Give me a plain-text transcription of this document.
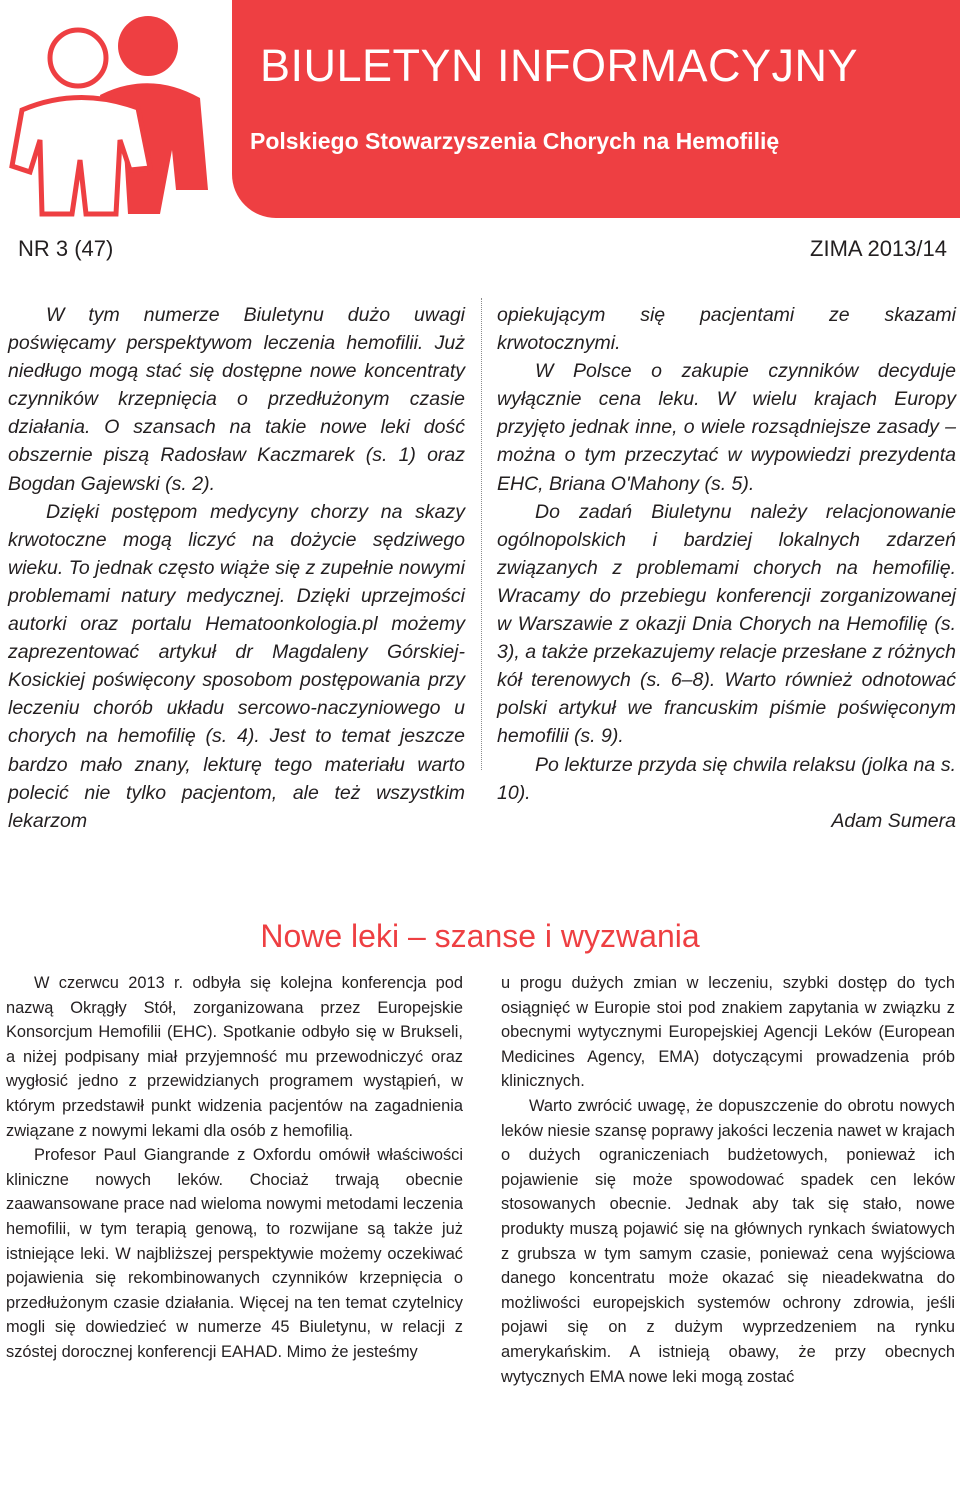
BIULETYN INFORMACYJNY
Polskiego Stowarzyszenia Chorych na Hemofilię
NR 3 (47)	ZIMA 2013/14

W tym numerze Biuletynu dużo uwagi poświęcamy perspektywom leczenia hemofilii. Już niedługo mogą stać się dostępne nowe koncentraty czynników krzepnięcia o przedłużonym czasie działania. O szansach na takie nowe leki dość obszernie piszą Radosław Kaczmarek (s. 1) oraz Bogdan Gajewski (s. 2).

Dzięki postępom medycyny chorzy na skazy krwotoczne mogą liczyć na dożycie sędziwego wieku. To jednak często wiąże się z zupełnie nowymi problemami natury medycznej. Dzięki uprzejmości autorki oraz portalu Hematoonkologia.pl możemy zaprezentować artykuł dr Magdaleny Górskiej-Kosickiej poświęcony sposobom postępowania przy leczeniu chorób układu sercowo-naczyniowego u chorych na hemofilię (s. 4). Jest to temat jeszcze bardzo mało znany, lekturę tego materiału warto polecić nie tylko pacjentom, ale też wszystkim lekarzom

opiekującym się pacjentami ze skazami krwotocznymi.

W Polsce o zakupie czynników decyduje wyłącznie cena leku. W wielu krajach Europy przyjęto jednak inne, o wiele rozsądniejsze zasady – można o tym przeczytać w wypowiedzi prezydenta EHC, Briana O'Mahony (s. 5).

Do zadań Biuletynu należy relacjonowanie ogólnopolskich i bardziej lokalnych zdarzeń związanych z problemami chorych na hemofilię. Wracamy do przebiegu konferencji zorganizowanej w Warszawie z okazji Dnia Chorych na Hemofilię (s. 3), a także przekazujemy relacje przesłane z różnych kół terenowych (s. 6–8). Warto również odnotować polski artykuł we francuskim piśmie poświęconym hemofilii (s. 9).

Po lekturze przyda się chwila relaksu (jolka na s. 10).

Adam Sumera
Nowe leki – szanse i wyzwania

W czerwcu 2013 r. odbyła się kolejna konferencja pod nazwą Okrągły Stół, zorganizowana przez Europejskie Konsorcjum Hemofilii (EHC). Spotkanie odbyło się w Brukseli, a niżej podpisany miał przyjemność mu przewodniczyć oraz wygłosić jedno z przewidzianych programem wystąpień, w którym przedstawił punkt widzenia pacjentów na zagadnienia związane z nowymi lekami dla osób z hemofilią.

Profesor Paul Giangrande z Oxfordu omówił właściwości kliniczne nowych leków. Chociaż trwają obecnie zaawansowane prace nad wieloma nowymi metodami leczenia hemofilii, w tym terapią genową, to rozwijane są także już istniejące leki. W najbliższej perspektywie możemy oczekiwać pojawienia się rekombinowanych czynników krzepnięcia o przedłużonym czasie działania. Więcej na ten temat czytelnicy mogli się dowiedzieć w numerze 45 Biuletynu, w relacji z szóstej dorocznej konferencji EAHAD. Mimo że jesteśmy

u progu dużych zmian w leczeniu, szybki dostęp do tych osiągnięć w Europie stoi pod znakiem zapytania w związku z obecnymi wytycznymi Europejskiej Agencji Leków (European Medicines Agency, EMA) dotyczącymi prowadzenia prób klinicznych.

Warto zwrócić uwagę, że dopuszczenie do obrotu nowych leków niesie szansę poprawy jakości leczenia nawet w krajach o dużych ograniczeniach budżetowych, ponieważ ich pojawienie się może spowodować spadek cen leków stosowanych obecnie. Jednak aby tak się stało, nowe produkty muszą pojawić się na głównych rynkach światowych z grubsza w tym samym czasie, ponieważ cena wyjściowa danego koncentratu może okazać się nieadekwatna do możliwości europejskich systemów ochrony zdrowia, jeśli pojawi się on z dużym wyprzedzeniem na rynku amerykańskim. A istnieją obawy, że przy obecnych wytycznych EMA nowe leki mogą zostać
